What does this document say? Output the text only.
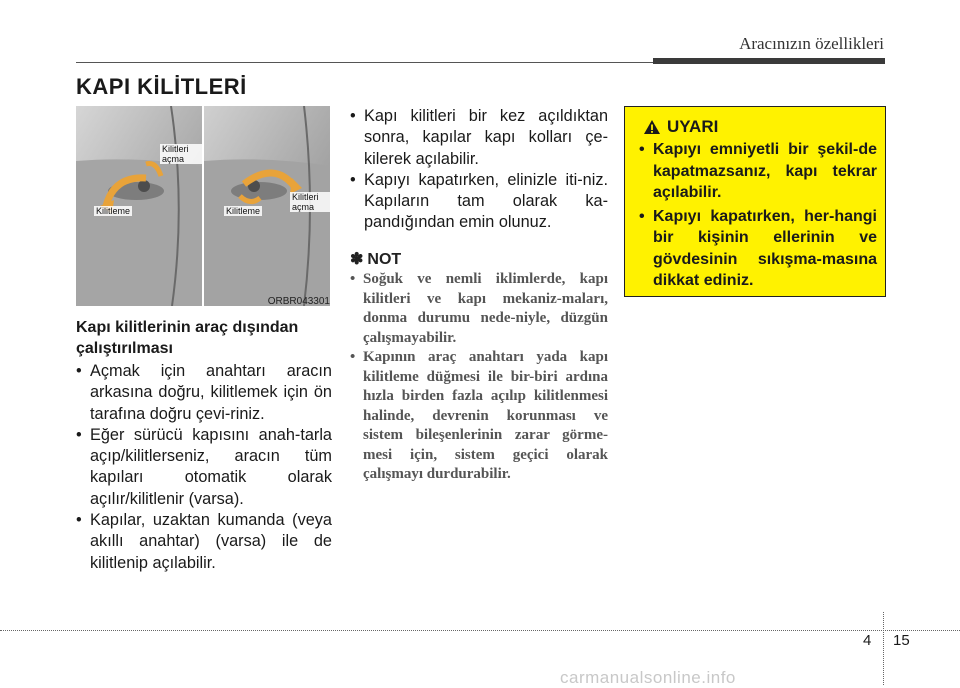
Aracınızın özellikleri
KAPI KİLİTLERİ
Kilitleme
Kilitleri açma
Kilitleme
Kilitleri açma
ORBR043301
Kapı kilitlerinin araç dışından çalıştırılması

• Açmak için anahtarı aracın arkasına doğru, kilitlemek için ön tarafına doğru çevi-riniz.

• Eğer sürücü kapısını anah-tarla açıp/kilitlerseniz, aracın tüm kapıları otomatik olarak açılır/kilitlenir (varsa).

• Kapılar, uzaktan kumanda (veya akıllı anahtar) (varsa) ile de kilitlenip açılabilir.

• Kapı kilitleri bir kez açıldıktan sonra, kapılar kapı kolları çe-kilerek açılabilir.

• Kapıyı kapatırken, elinizle iti-niz. Kapıların tam olarak ka-pandığından emin olunuz.

✽ NOT
• Soğuk ve nemli iklimlerde, kapı kilitleri ve kapı mekaniz-maları, donma durumu nede-niyle, düzgün çalışmayabilir.
• Kapının araç anahtarı yada kapı kilitleme düğmesi ile bir-biri ardına hızla birden fazla açılıp kilitlenmesi halinde, devrenin korunması ve sistem bileşenlerinin zarar görme-mesi için, sistem geçici olarak çalışmayı durdurabilir.
UYARI
• Kapıyı emniyetli bir şekil-de kapatmazsanız, kapı tekrar açılabilir.
• Kapıyı kapatırken, her-hangi bir kişinin ellerinin ve gövdesinin sıkışma-masına dikkat ediniz.
4 15
carmanualsonline.info
